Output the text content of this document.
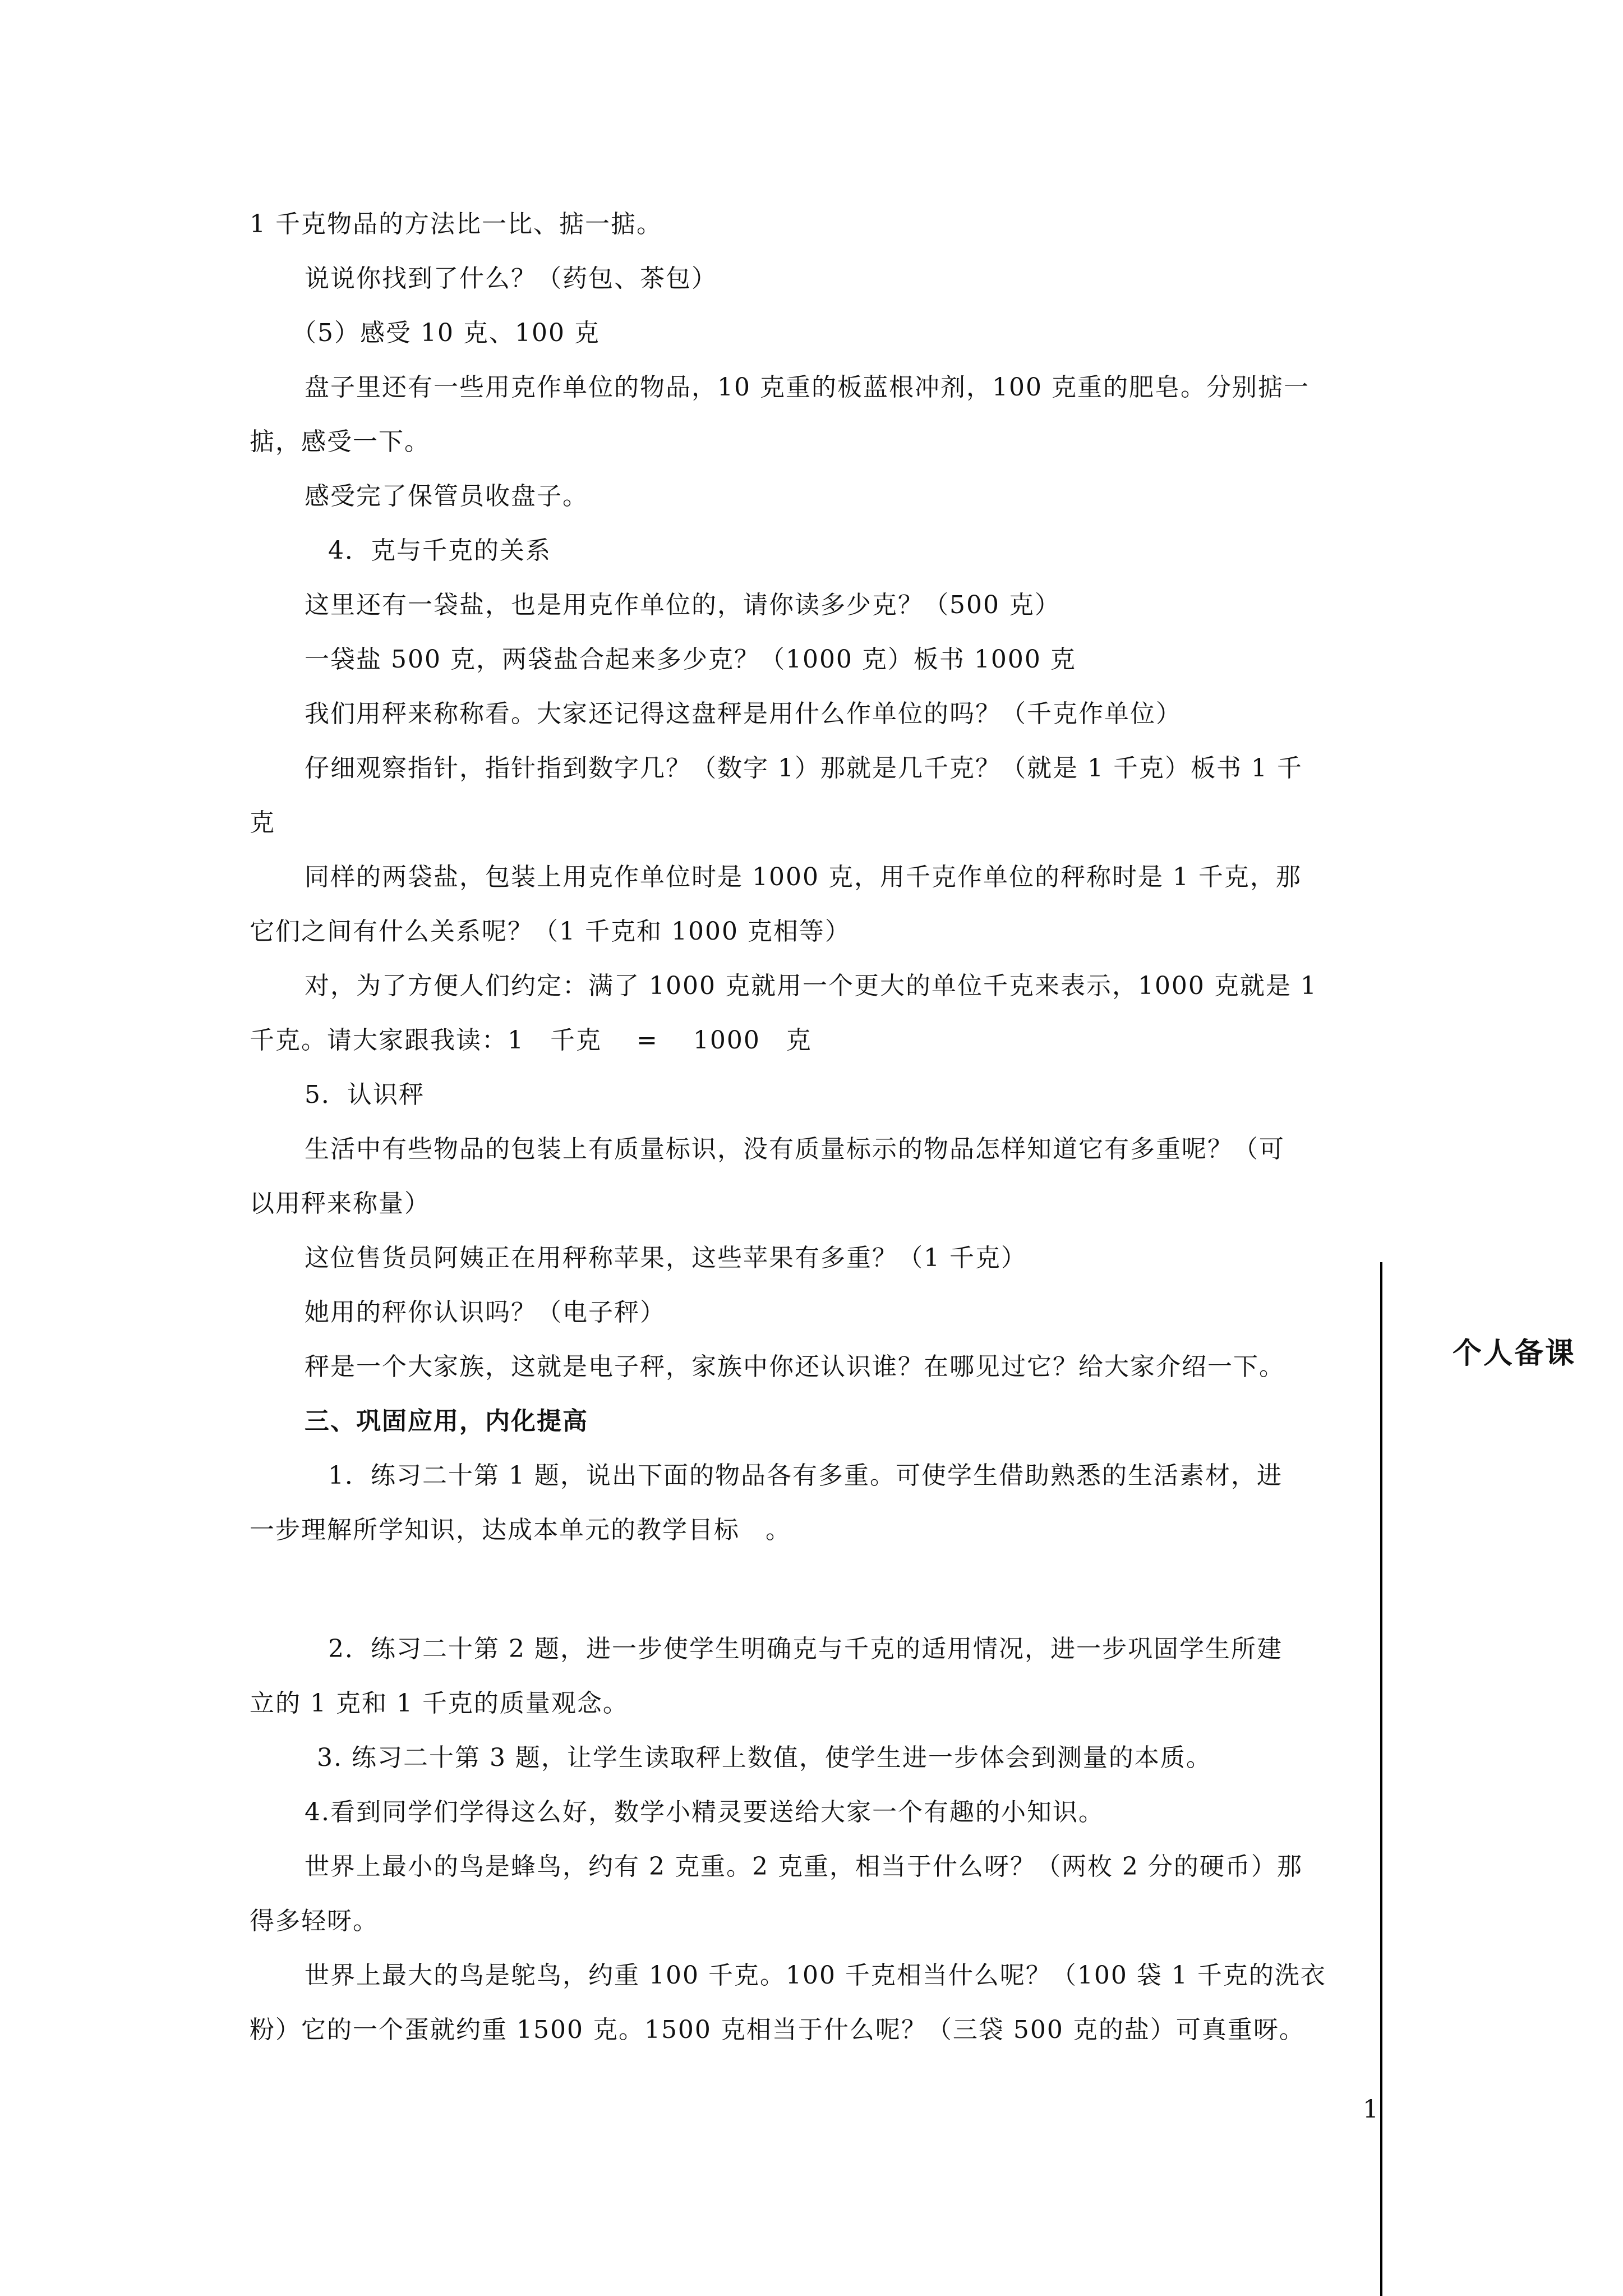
1 千克物品的方法比一比、掂一掂。
说说你找到了什么？（药包、茶包）
（5）感受 10 克、100 克
盘子里还有一些用克作单位的物品，10 克重的板蓝根冲剂，100 克重的肥皂。分别掂一
掂，感受一下。
感受完了保管员收盘子。
4．克与千克的关系
这里还有一袋盐，也是用克作单位的，请你读多少克？（500 克）
一袋盐 500 克，两袋盐合起来多少克？（1000 克）板书 1000 克
我们用秤来称称看。大家还记得这盘秤是用什么作单位的吗？（千克作单位）
仔细观察指针，指针指到数字几？（数字 1）那就是几千克？（就是 1 千克）板书 1 千
克
同样的两袋盐，包装上用克作单位时是 1000 克，用千克作单位的秤称时是 1 千克，那
它们之间有什么关系呢？（1 千克和 1000 克相等）
对，为了方便人们约定：满了 1000 克就用一个更大的单位千克来表示，1000 克就是 1
千克。请大家跟我读：1　千克　 =　 1000　克
5．认识秤
生活中有些物品的包装上有质量标识，没有质量标示的物品怎样知道它有多重呢？（可
以用秤来称量）
这位售货员阿姨正在用秤称苹果，这些苹果有多重？（1 千克）
她用的秤你认识吗？（电子秤）
秤是一个大家族，这就是电子秤，家族中你还认识谁？在哪见过它？给大家介绍一下。
三、巩固应用，内化提高
1．练习二十第 1 题，说出下面的物品各有多重。可使学生借助熟悉的生活素材，进
一步理解所学知识，达成本单元的教学目标　。
2．练习二十第 2 题，进一步使学生明确克与千克的适用情况，进一步巩固学生所建
立的 1 克和 1 千克的质量观念。
3. 练习二十第 3 题，让学生读取秤上数值，使学生进一步体会到测量的本质。
4.看到同学们学得这么好，数学小精灵要送给大家一个有趣的小知识。
世界上最小的鸟是蜂鸟，约有 2 克重。2 克重，相当于什么呀？（两枚 2 分的硬币）那
得多轻呀。
世界上最大的鸟是鸵鸟，约重 100 千克。100 千克相当什么呢？（100 袋 1 千克的洗衣
粉）它的一个蛋就约重 1500 克。1500 克相当于什么呢？（三袋 500 克的盐）可真重呀。
个人备课
1
